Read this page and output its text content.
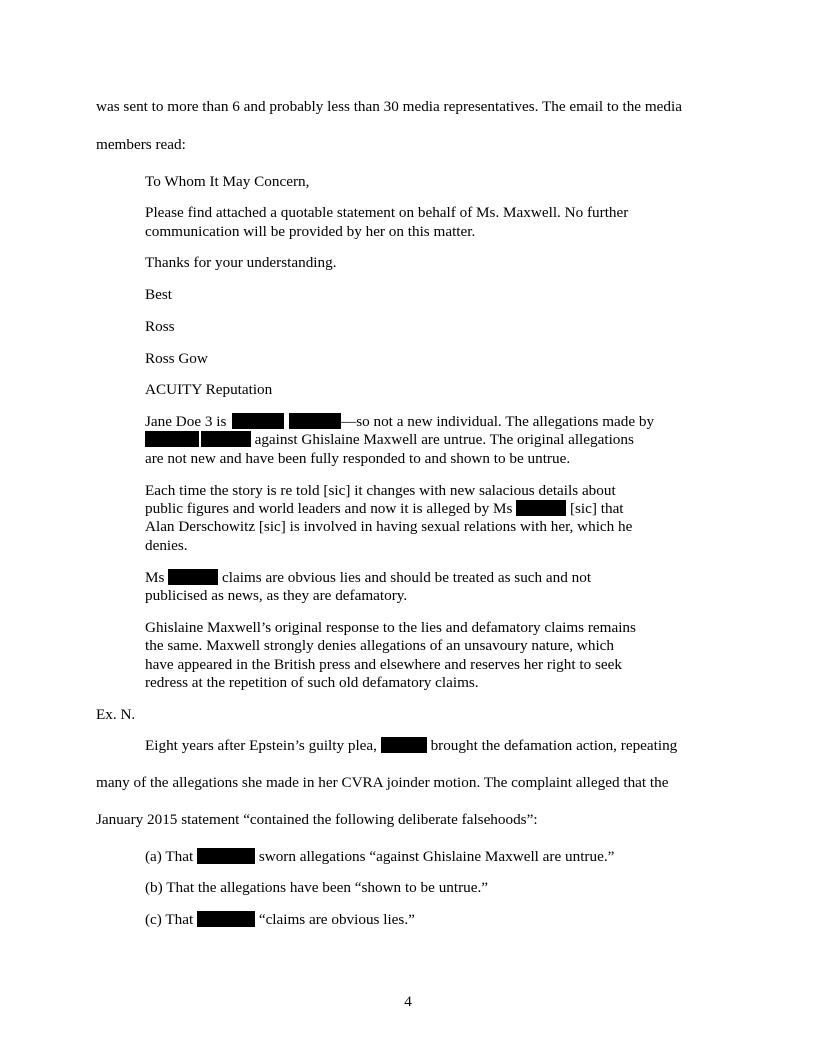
was sent to more than 6 and probably less than 30 media representatives. The email to the media
members read:
To Whom It May Concern,
Please find attached a quotable statement on behalf of Ms. Maxwell. No further
communication will be provided by her on this matter.
Thanks for your understanding.
Best
Ross
Ross Gow
ACUITY Reputation
Jane Doe 3 is	—so not a new individual. The allegations made by
against Ghislaine Maxwell are untrue. The original allegations
are not new and have been fully responded to and shown to be untrue.
Each time the story is re told [sic] it changes with new salacious details about
public figures and world leaders and now it is alleged by Ms	[sic] that
Alan Derschowitz [sic] is involved in having sexual relations with her, which he
denies.
Ms	claims are obvious lies and should be treated as such and not
publicised as news, as they are defamatory.
Ghislaine Maxwell’s original response to the lies and defamatory claims remains
the same. Maxwell strongly denies allegations of an unsavoury nature, which
have appeared in the British press and elsewhere and reserves her right to seek
redress at the repetition of such old defamatory claims.
Ex. N.
Eight years after Epstein’s guilty plea,	brought the defamation action, repeating
many of the allegations she made in her CVRA joinder motion. The complaint alleged that the
January 2015 statement “contained the following deliberate falsehoods”:
(a) That	sworn allegations “against Ghislaine Maxwell are untrue.”
(b) That the allegations have been “shown to be untrue.”
(c) That	“claims are obvious lies.”
4
